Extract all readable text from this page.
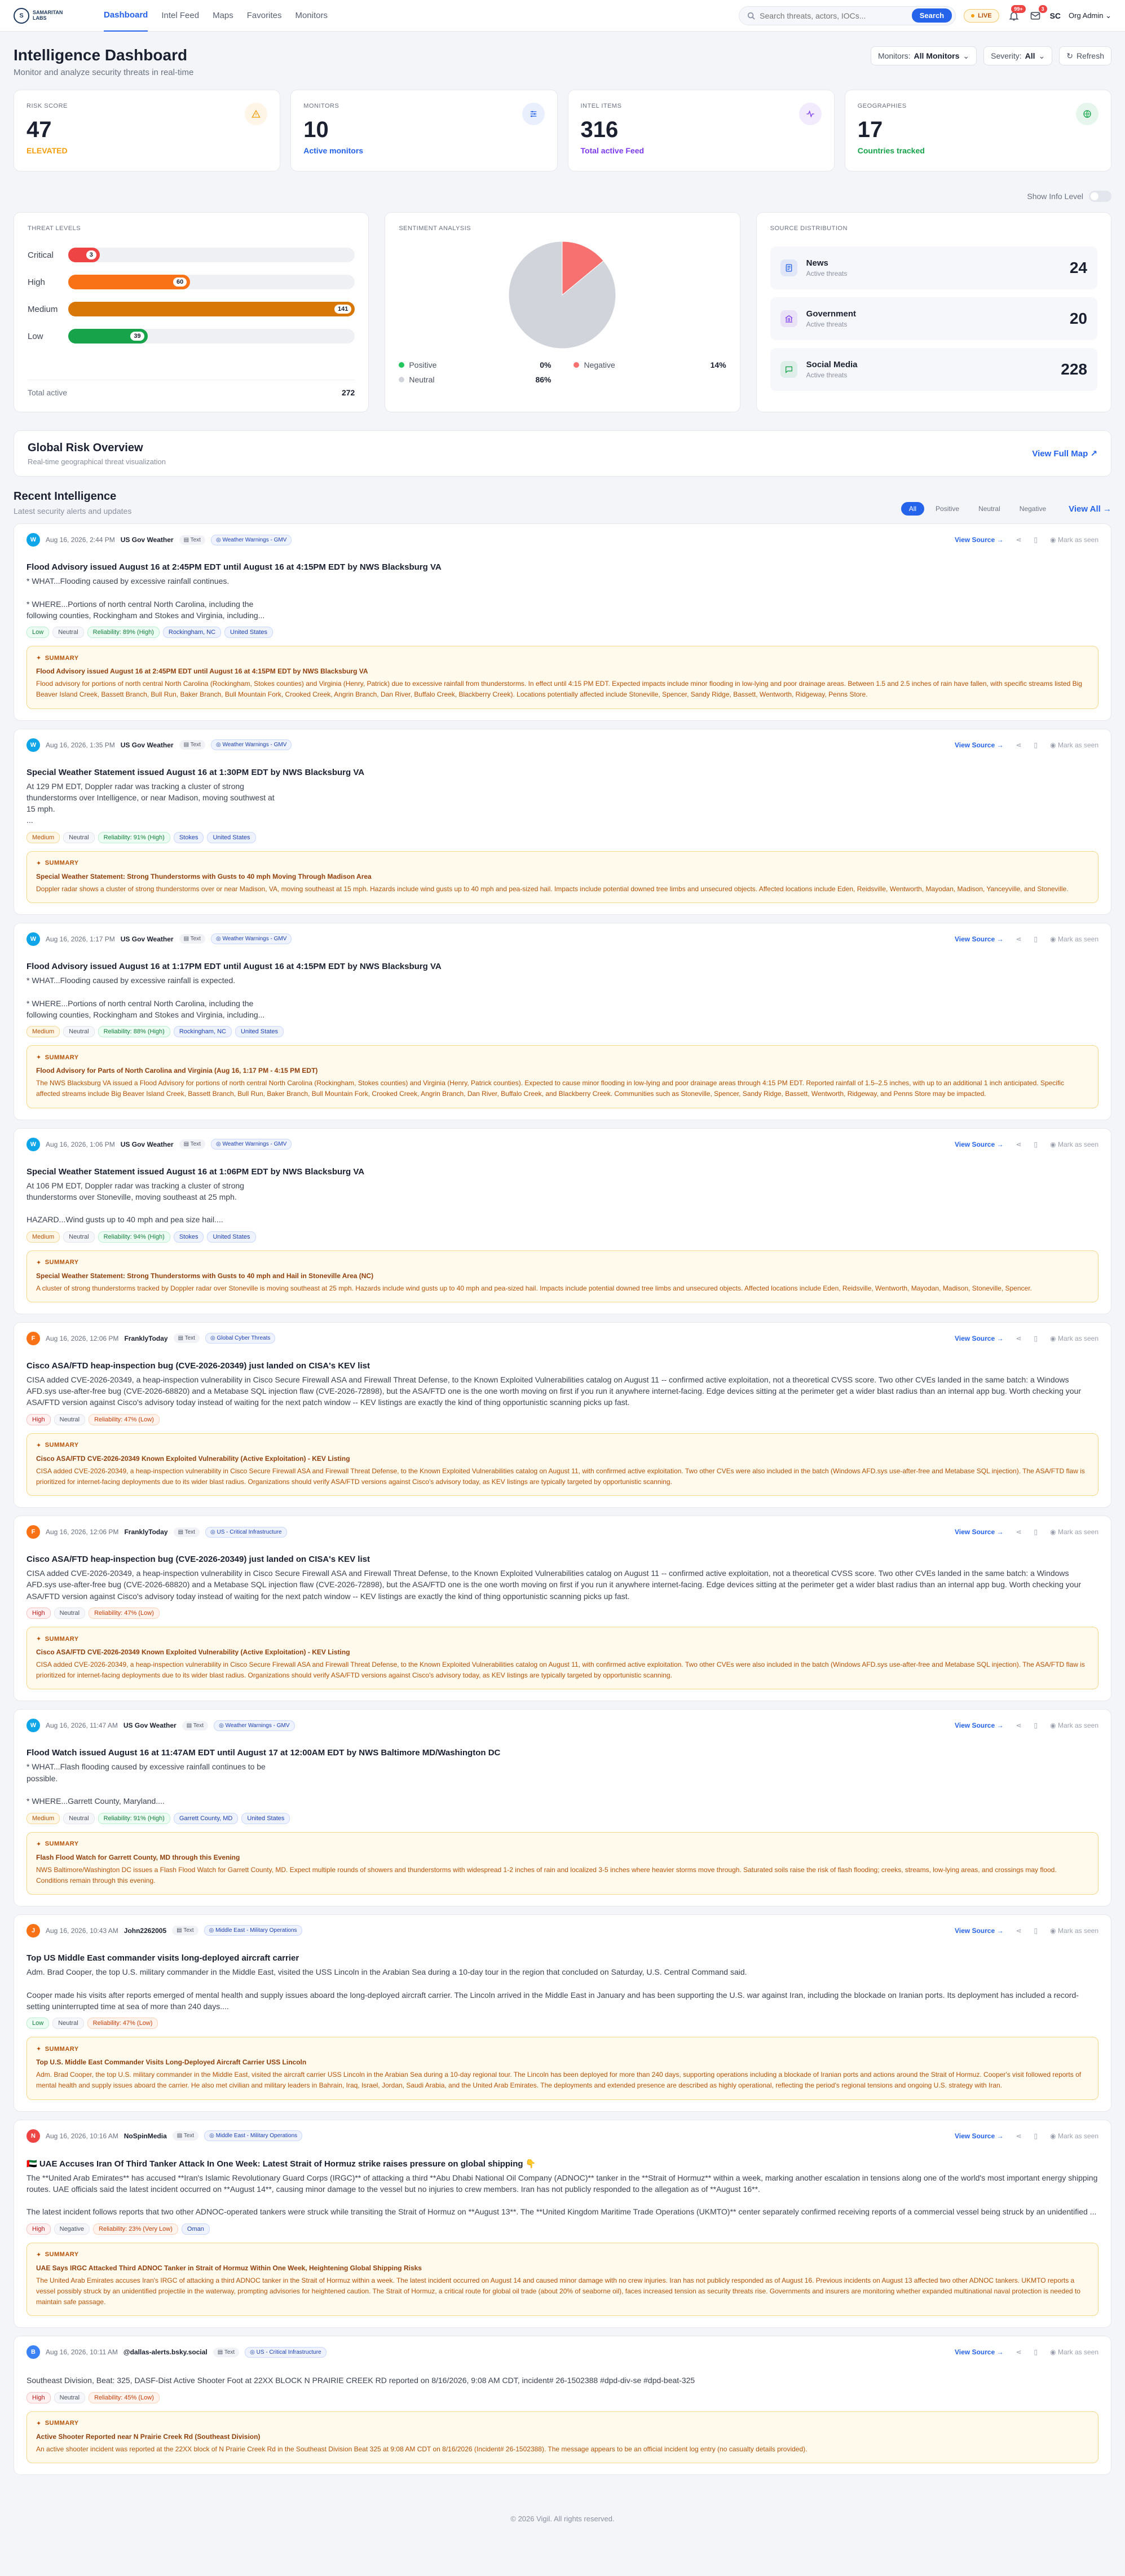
S	SAMARITAN
LABS	Dashboard Intel Feed Maps Favorites Monitors
Search threats, actors, IOCs...	Search	LIVE
99+	3
SC Org Admin ⌄
Intelligence Dashboard
Monitor and analyze security threats in real-time
Monitors: All Monitors ⌄	Severity: All ⌄	↻ Refresh
RISK SCORE
47
ELEVATED
MONITORS
10
Active monitors
INTEL ITEMS
316
Total active Feed
GEOGRAPHIES
17
Countries tracked
Show Info Level
THREAT LEVELS
Critical	3
High	60
Medium	141
Low	39
Total active	272
SENTIMENT ANALYSIS
Positive	0%	Negative	14%
Neutral	86%
SOURCE DISTRIBUTION
News
Active threats	24
Government
Active threats	20
Social Media
Active threats	228
Global Risk Overview
Real-time geographical threat visualization
View Full Map ↗
Recent Intelligence
Latest security alerts and updates	All	Positive	Neutral	Negative	View All →
W	Aug 16, 2026, 2:44 PM US Gov Weather	▤ Text	◎ Weather Warnings - GMV	View Source → ⋖ ▯ ◉ Mark as seen
Flood Advisory issued August 16 at 2:45PM EDT until August 16 at 4:15PM EDT by NWS Blacksburg VA
* WHAT...Flooding caused by excessive rainfall continues.

* WHERE...Portions of north central North Carolina, including the
following counties, Rockingham and Stokes and Virginia, including...
Low	Neutral	Reliability: 89% (High)	Rockingham, NC	United States
✦ SUMMARY
Flood Advisory issued August 16 at 2:45PM EDT until August 16 at 4:15PM EDT by NWS Blacksburg VA
Flood advisory for portions of north central North Carolina (Rockingham, Stokes counties) and Virginia (Henry, Patrick) due to excessive rainfall from thunderstorms. In effect until 4:15 PM EDT. Expected impacts include minor flooding in low-lying and poor drainage areas. Between 1.5 and 2.5 inches of rain have fallen, with specific streams listed Big Beaver Island Creek, Bassett Branch, Bull Run, Baker Branch, Bull Mountain Fork, Crooked Creek, Angrin Branch, Dan River, Buffalo Creek, Blackberry Creek). Locations potentially affected include Stoneville, Spencer, Sandy Ridge, Bassett, Wentworth, Ridgeway, Penns Store.
W	Aug 16, 2026, 1:35 PM US Gov Weather	▤ Text	◎ Weather Warnings - GMV	View Source → ⋖ ▯ ◉ Mark as seen
Special Weather Statement issued August 16 at 1:30PM EDT by NWS Blacksburg VA
At 129 PM EDT, Doppler radar was tracking a cluster of strong
thunderstorms over Intelligence, or near Madison, moving southwest at
15 mph.
...
Medium	Neutral	Reliability: 91% (High)	Stokes	United States
✦ SUMMARY
Special Weather Statement: Strong Thunderstorms with Gusts to 40 mph Moving Through Madison Area
Doppler radar shows a cluster of strong thunderstorms over or near Madison, VA, moving southeast at 15 mph. Hazards include wind gusts up to 40 mph and pea-sized hail. Impacts include potential downed tree limbs and unsecured objects. Affected locations include Eden, Reidsville, Wentworth, Mayodan, Madison, Yanceyville, and Stoneville.
W	Aug 16, 2026, 1:17 PM US Gov Weather	▤ Text	◎ Weather Warnings - GMV	View Source → ⋖ ▯ ◉ Mark as seen
Flood Advisory issued August 16 at 1:17PM EDT until August 16 at 4:15PM EDT by NWS Blacksburg VA
* WHAT...Flooding caused by excessive rainfall is expected.

* WHERE...Portions of north central North Carolina, including the
following counties, Rockingham and Stokes and Virginia, including...
Medium	Neutral	Reliability: 88% (High)	Rockingham, NC	United States
✦ SUMMARY
Flood Advisory for Parts of North Carolina and Virginia (Aug 16, 1:17 PM - 4:15 PM EDT)
The NWS Blacksburg VA issued a Flood Advisory for portions of north central North Carolina (Rockingham, Stokes counties) and Virginia (Henry, Patrick counties). Expected to cause minor flooding in low-lying and poor drainage areas through 4:15 PM EDT. Reported rainfall of 1.5–2.5 inches, with up to an additional 1 inch anticipated. Specific affected streams include Big Beaver Island Creek, Bassett Branch, Bull Run, Baker Branch, Bull Mountain Fork, Crooked Creek, Angrin Branch, Dan River, Buffalo Creek, and Blackberry Creek. Communities such as Stoneville, Spencer, Sandy Ridge, Bassett, Wentworth, Ridgeway, and Penns Store may be impacted.
W	Aug 16, 2026, 1:06 PM US Gov Weather	▤ Text	◎ Weather Warnings - GMV	View Source → ⋖ ▯ ◉ Mark as seen
Special Weather Statement issued August 16 at 1:06PM EDT by NWS Blacksburg VA
At 106 PM EDT, Doppler radar was tracking a cluster of strong
thunderstorms over Stoneville, moving southeast at 25 mph.

HAZARD...Wind gusts up to 40 mph and pea size hail....
Medium	Neutral	Reliability: 94% (High)	Stokes	United States
✦ SUMMARY
Special Weather Statement: Strong Thunderstorms with Gusts to 40 mph and Hail in Stoneville Area (NC)
A cluster of strong thunderstorms tracked by Doppler radar over Stoneville is moving southeast at 25 mph. Hazards include wind gusts up to 40 mph and pea-sized hail. Impacts include potential downed tree limbs and unsecured objects. Affected locations include Eden, Reidsville, Wentworth, Mayodan, Madison, Stoneville, Spencer.
F	Aug 16, 2026, 12:06 PM FranklyToday	▤ Text	◎ Global Cyber Threats	View Source → ⋖ ▯ ◉ Mark as seen
Cisco ASA/FTD heap-inspection bug (CVE-2026-20349) just landed on CISA's KEV list
CISA added CVE-2026-20349, a heap-inspection vulnerability in Cisco Secure Firewall ASA and Firewall Threat Defense, to the Known Exploited Vulnerabilities catalog on August 11 -- confirmed active exploitation, not a theoretical CVSS score. Two other CVEs landed in the same batch: a Windows AFD.sys use-after-free bug (CVE-2026-68820) and a Metabase SQL injection flaw (CVE-2026-72898), but the ASA/FTD one is the one worth moving on first if you run it anywhere internet-facing. Edge devices sitting at the perimeter get a wider blast radius than an internal app bug. Worth checking your ASA/FTD version against Cisco's advisory today instead of waiting for the next patch window -- KEV listings are exactly the kind of thing opportunistic scanning picks up fast.
High	Neutral	Reliability: 47% (Low)
✦ SUMMARY
Cisco ASA/FTD CVE-2026-20349 Known Exploited Vulnerability (Active Exploitation) - KEV Listing
CISA added CVE-2026-20349, a heap-inspection vulnerability in Cisco Secure Firewall ASA and Firewall Threat Defense, to the Known Exploited Vulnerabilities catalog on August 11, with confirmed active exploitation. Two other CVEs were also included in the batch (Windows AFD.sys use-after-free and Metabase SQL injection). The ASA/FTD flaw is prioritized for internet-facing deployments due to its wider blast radius. Organizations should verify ASA/FTD versions against Cisco's advisory today, as KEV listings are typically targeted by opportunistic scanning.
F	Aug 16, 2026, 12:06 PM FranklyToday	▤ Text	◎ US - Critical Infrastructure	View Source → ⋖ ▯ ◉ Mark as seen
Cisco ASA/FTD heap-inspection bug (CVE-2026-20349) just landed on CISA's KEV list
CISA added CVE-2026-20349, a heap-inspection vulnerability in Cisco Secure Firewall ASA and Firewall Threat Defense, to the Known Exploited Vulnerabilities catalog on August 11 -- confirmed active exploitation, not a theoretical CVSS score. Two other CVEs landed in the same batch: a Windows AFD.sys use-after-free bug (CVE-2026-68820) and a Metabase SQL injection flaw (CVE-2026-72898), but the ASA/FTD one is the one worth moving on first if you run it anywhere internet-facing. Edge devices sitting at the perimeter get a wider blast radius than an internal app bug. Worth checking your ASA/FTD version against Cisco's advisory today instead of waiting for the next patch window -- KEV listings are exactly the kind of thing opportunistic scanning picks up fast.
High	Neutral	Reliability: 47% (Low)
✦ SUMMARY
Cisco ASA/FTD CVE-2026-20349 Known Exploited Vulnerability (Active Exploitation) - KEV Listing
CISA added CVE-2026-20349, a heap-inspection vulnerability in Cisco Secure Firewall ASA and Firewall Threat Defense, to the Known Exploited Vulnerabilities catalog on August 11, with confirmed active exploitation. Two other CVEs were also included in the batch (Windows AFD.sys use-after-free and Metabase SQL injection). The ASA/FTD flaw is prioritized for internet-facing deployments due to its wider blast radius. Organizations should verify ASA/FTD versions against Cisco's advisory today, as KEV listings are typically targeted by opportunistic scanning.
W	Aug 16, 2026, 11:47 AM US Gov Weather	▤ Text	◎ Weather Warnings - GMV	View Source → ⋖ ▯ ◉ Mark as seen
Flood Watch issued August 16 at 11:47AM EDT until August 17 at 12:00AM EDT by NWS Baltimore MD/Washington DC
* WHAT...Flash flooding caused by excessive rainfall continues to be
possible.

* WHERE...Garrett County, Maryland....
Medium	Neutral	Reliability: 91% (High)	Garrett County, MD	United States
✦ SUMMARY
Flash Flood Watch for Garrett County, MD through this Evening
NWS Baltimore/Washington DC issues a Flash Flood Watch for Garrett County, MD. Expect multiple rounds of showers and thunderstorms with widespread 1-2 inches of rain and localized 3-5 inches where heavier storms move through. Saturated soils raise the risk of flash flooding; creeks, streams, low-lying areas, and crossings may flood. Conditions remain through this evening.
J	Aug 16, 2026, 10:43 AM John2262005	▤ Text	◎ Middle East - Military Operations	View Source → ⋖ ▯ ◉ Mark as seen
Top US Middle East commander visits long-deployed aircraft carrier
Adm. Brad Cooper, the top U.S. military commander in the Middle East, visited the USS Lincoln in the Arabian Sea during a 10-day tour in the region that concluded on Saturday, U.S. Central Command said.

Cooper made his visits after reports emerged of mental health and supply issues aboard the long-deployed aircraft carrier. The Lincoln arrived in the Middle East in January and has been supporting the U.S. war against Iran, including the blockade on Iranian ports. Its deployment has included a record-setting uninterrupted time at sea of more than 240 days....
Low	Neutral	Reliability: 47% (Low)
✦ SUMMARY
Top U.S. Middle East Commander Visits Long-Deployed Aircraft Carrier USS Lincoln
Adm. Brad Cooper, the top U.S. military commander in the Middle East, visited the aircraft carrier USS Lincoln in the Arabian Sea during a 10-day regional tour. The Lincoln has been deployed for more than 240 days, supporting operations including a blockade of Iranian ports and actions around the Strait of Hormuz. Cooper's visit followed reports of mental health and supply issues aboard the carrier. He also met civilian and military leaders in Bahrain, Iraq, Israel, Jordan, Saudi Arabia, and the United Arab Emirates. The deployments and extended presence are described as highly operational, reflecting the period's regional tensions and ongoing U.S. strategy with Iran.
N	Aug 16, 2026, 10:16 AM NoSpinMedia	▤ Text	◎ Middle East - Military Operations	View Source → ⋖ ▯ ◉ Mark as seen
🇦🇪 UAE Accuses Iran Of Third Tanker Attack In One Week: Latest Strait of Hormuz strike raises pressure on global shipping 👇
The **United Arab Emirates** has accused **Iran's Islamic Revolutionary Guard Corps (IRGC)** of attacking a third **Abu Dhabi National Oil Company (ADNOC)** tanker in the **Strait of Hormuz** within a week, marking another escalation in tensions along one of the world's most important energy shipping routes. UAE officials said the latest incident occurred on **August 14**, causing minor damage to the vessel but no injuries to crew members. Iran has not publicly responded to the allegation as of **August 16**.

The latest incident follows reports that two other ADNOC-operated tankers were struck while transiting the Strait of Hormuz on **August 13**. The **United Kingdom Maritime Trade Operations (UKMTO)** center separately confirmed receiving reports of a commercial vessel being struck by an unidentified ...
High	Negative	Reliability: 23% (Very Low)	Oman
✦ SUMMARY
UAE Says IRGC Attacked Third ADNOC Tanker in Strait of Hormuz Within One Week, Heightening Global Shipping Risks
The United Arab Emirates accuses Iran's IRGC of attacking a third ADNOC tanker in the Strait of Hormuz within a week. The latest incident occurred on August 14 and caused minor damage with no crew injuries. Iran has not publicly responded as of August 16. Previous incidents on August 13 affected two other ADNOC tankers. UKMTO reports a vessel possibly struck by an unidentified projectile in the waterway, prompting advisories for heightened caution. The Strait of Hormuz, a critical route for global oil trade (about 20% of seaborne oil), faces increased tension as security threats rise. Governments and insurers are monitoring whether expanded multinational naval protection is needed to maintain safe passage.
B	Aug 16, 2026, 10:11 AM @dallas-alerts.bsky.social	▤ Text	◎ US - Critical Infrastructure	View Source → ⋖ ▯ ◉ Mark as seen
Southeast Division, Beat: 325, DASF-Dist Active Shooter Foot at 22XX BLOCK N PRAIRIE CREEK RD reported on 8/16/2026, 9:08 AM CDT, incident# 26-1502388 #dpd-div-se #dpd-beat-325
High	Neutral	Reliability: 45% (Low)
✦ SUMMARY
Active Shooter Reported near N Prairie Creek Rd (Southeast Division)
An active shooter incident was reported at the 22XX block of N Prairie Creek Rd in the Southeast Division Beat 325 at 9:08 AM CDT on 8/16/2026 (Incident# 26-1502388). The message appears to be an official incident log entry (no casualty details provided).
© 2026 Vigil. All rights reserved.
